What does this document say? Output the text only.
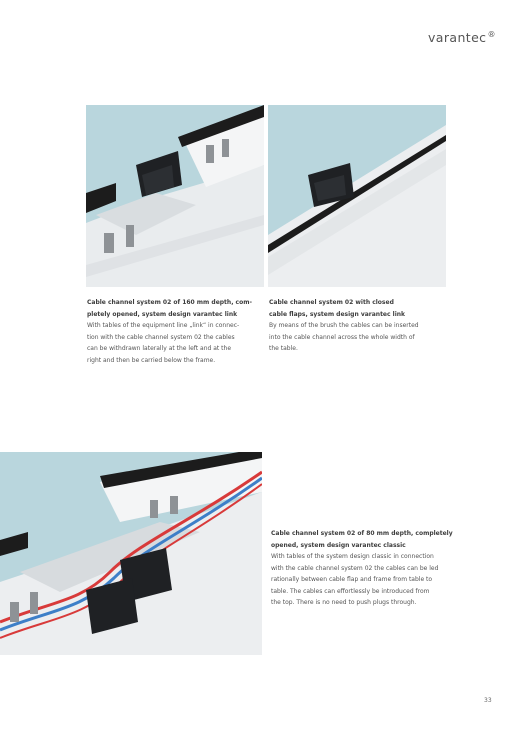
varantec®
Cable channel system 02 of 160 mm depth, com-
pletely opened, system design varantec link
With tables of the equipment line „link“ in connec-
tion with the cable channel system 02 the cables
can be withdrawn laterally at the left and at the
right and then be carried below the frame.
Cable channel system 02 with closed
cable flaps, system design varantec link
By means of the brush the cables can be inserted
into the cable channel across the whole width of
the table.
Cable channel system 02 of 80 mm depth, completely
opened, system design varantec classic
With tables of the system design classic in connection
with the cable channel system 02 the cables can be led
rationally between cable flap and frame from table to
table. The cables can effortlessly be introduced from
the top. There is no need to push plugs through.
33
